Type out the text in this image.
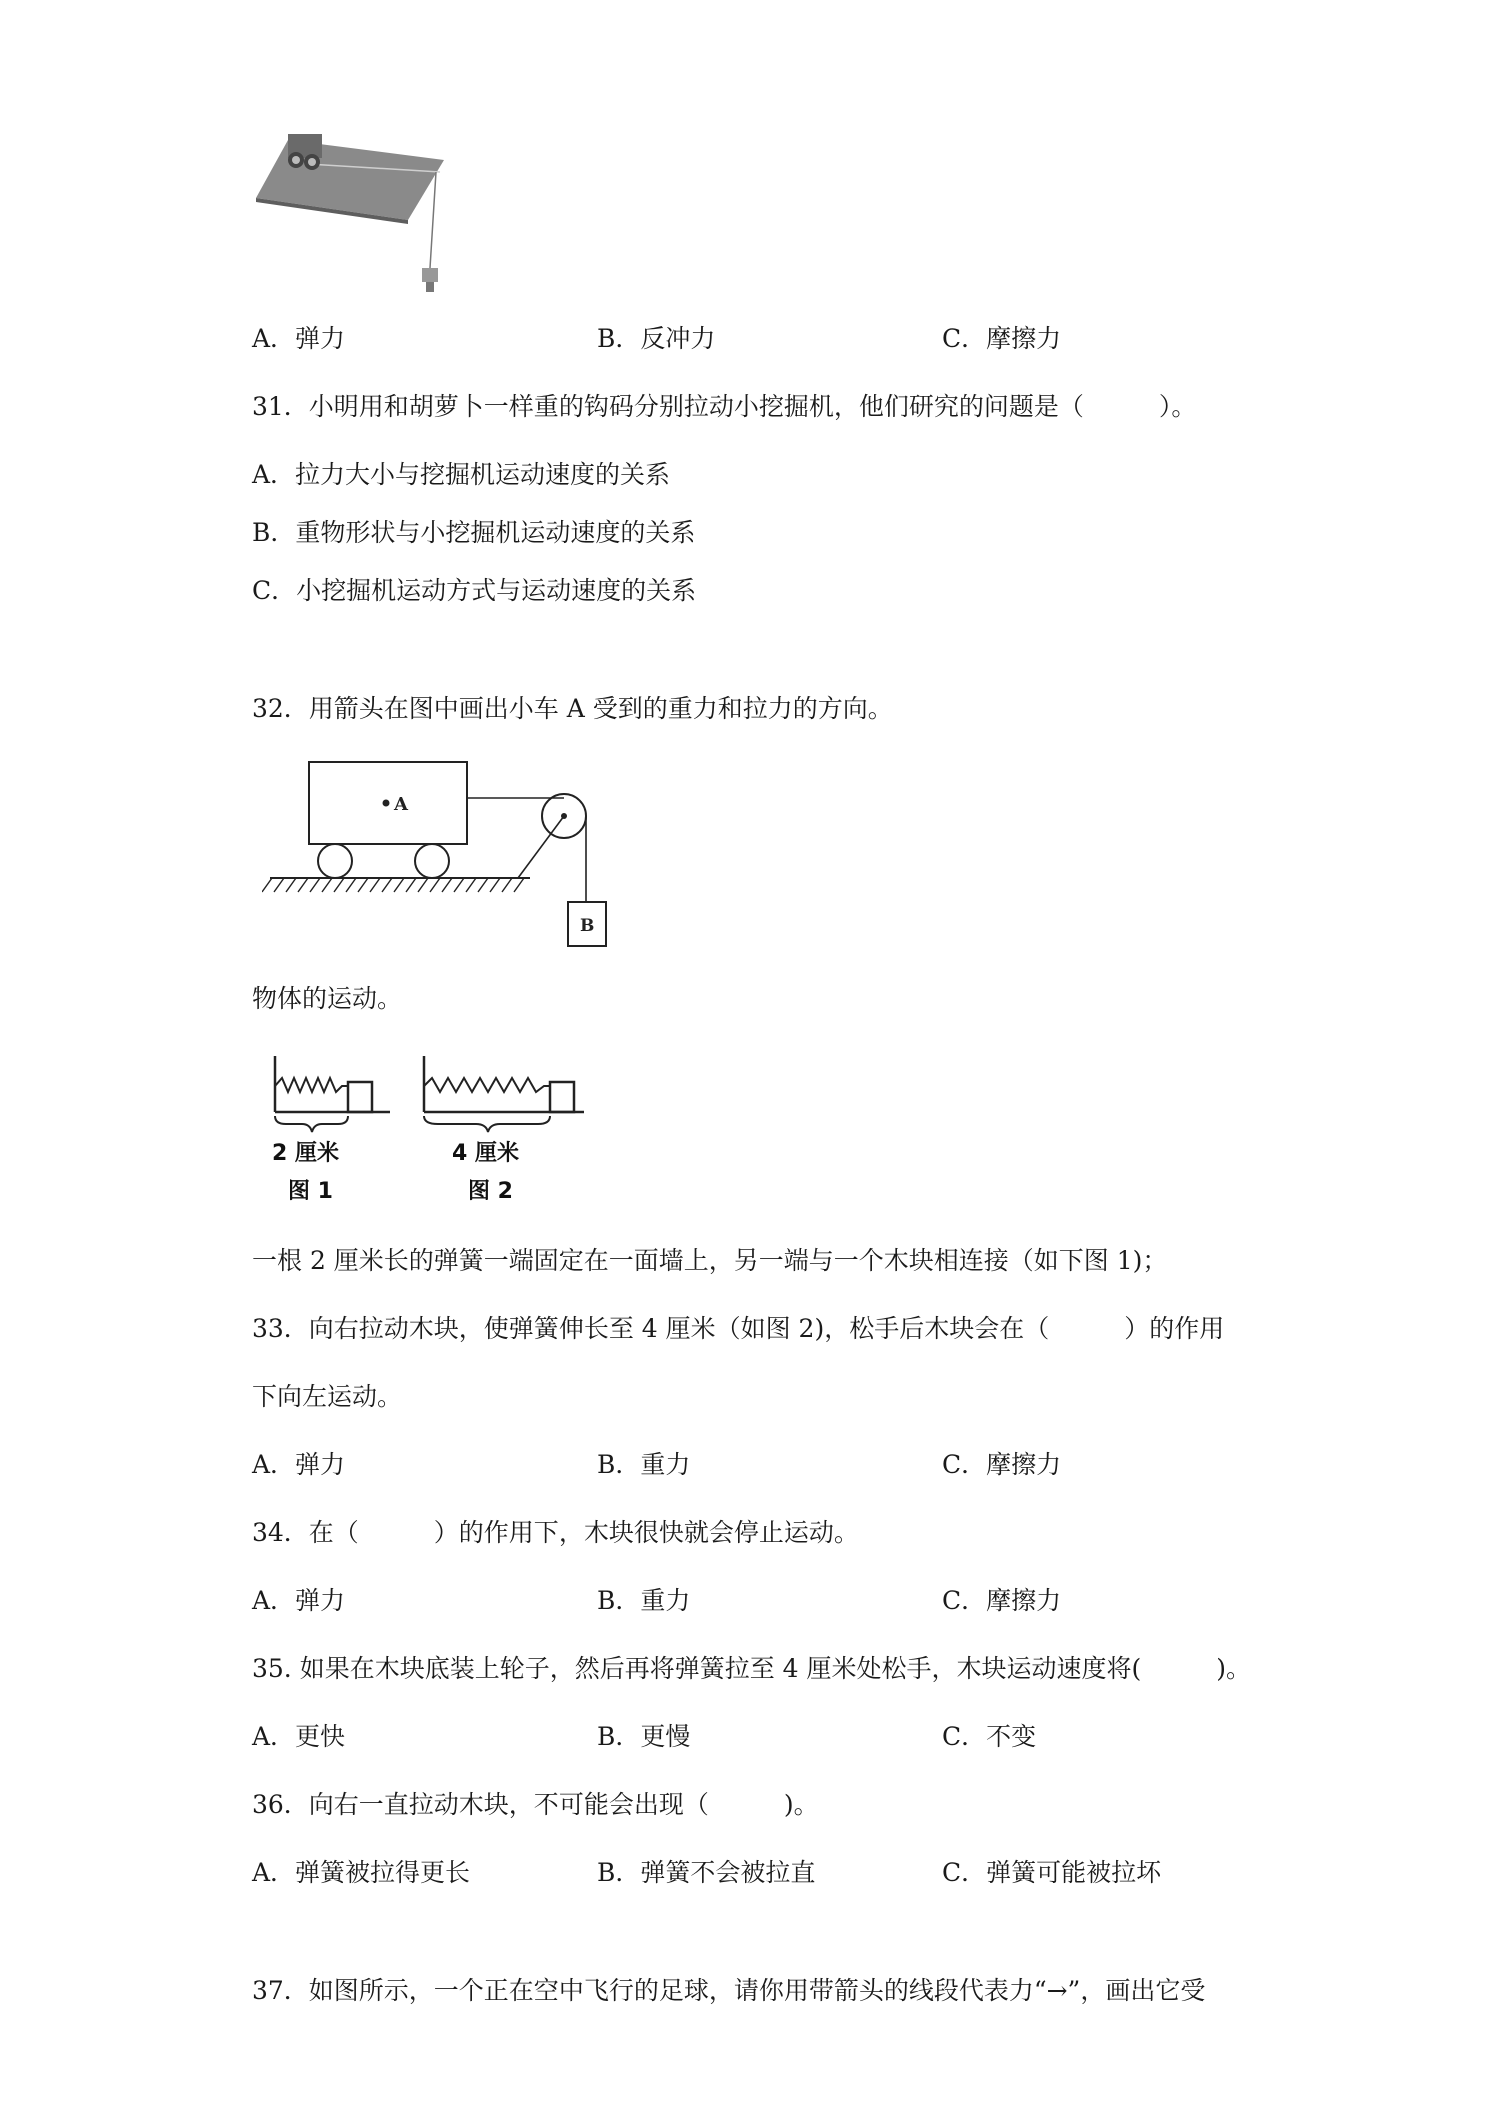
A．弹力	B．反冲力	C．摩擦力
31．小明用和胡萝卜一样重的钩码分别拉动小挖掘机，他们研究的问题是（　　　）。
A．拉力大小与挖掘机运动速度的关系
B．重物形状与小挖掘机运动速度的关系
C．小挖掘机运动方式与运动速度的关系
32．用箭头在图中画出小车 A 受到的重力和拉力的方向。
A
B
物体的运动。
2 厘米
图 1
4 厘米
图 2
一根 2 厘米长的弹簧一端固定在一面墙上，另一端与一个木块相连接（如下图 1)；
33．向右拉动木块，使弹簧伸长至 4 厘米（如图 2)，松手后木块会在（　　　）的作用
下向左运动。
A．弹力	B．重力	C．摩擦力
34．在（　　　）的作用下，木块很快就会停止运动。
A．弹力	B．重力	C．摩擦力
35. 如果在木块底装上轮子，然后再将弹簧拉至 4 厘米处松手，木块运动速度将(　　　)。
A．更快	B．更慢	C．不变
36．向右一直拉动木块，不可能会出现（　　　)。
A．弹簧被拉得更长	B．弹簧不会被拉直	C．弹簧可能被拉坏
37．如图所示，一个正在空中飞行的足球，请你用带箭头的线段代表力“→”，画出它受
